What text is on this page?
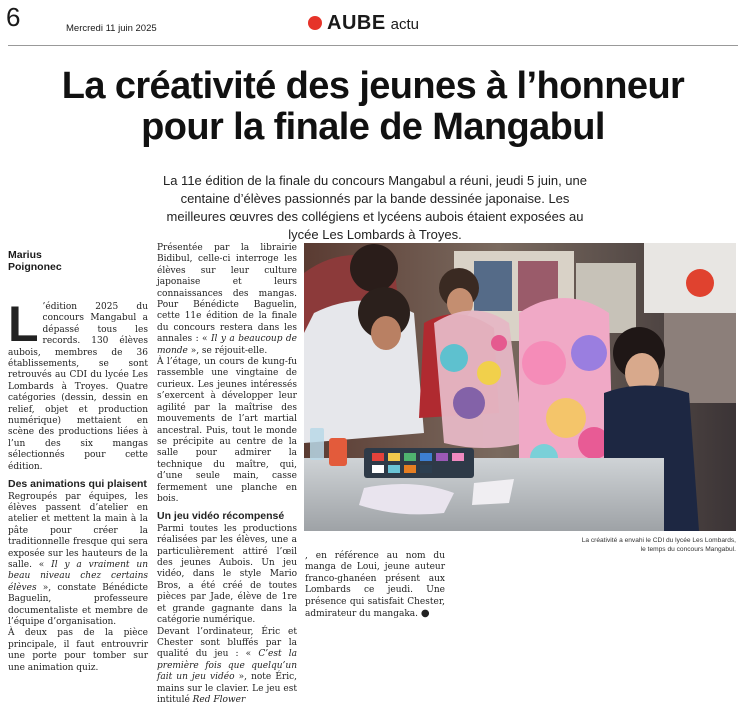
6	Mercredi 11 juin 2025	AUBE actu
La créativité des jeunes à l’honneur
pour la finale de Mangabul
La 11e édition de la finale du concours Mangabul a réuni, jeudi 5 juin, une centaine d’élèves passionnés par la bande dessinée japonaise. Les meilleures œuvres des collégiens et lycéens aubois étaient exposées au lycée Les Lombards à Troyes.
Marius
Poignonec

L ’édition 2025 du concours Mangabul a dépassé tous les records. 130 élèves aubois, membres de 36 établissements, se sont retrouvés au CDI du lycée Les Lombards à Troyes. Quatre catégories (dessin, dessin en relief, objet et production numérique) mettaient en scène des productions liées à l’un des six mangas sélectionnés pour cette édition.

Des animations qui plaisent

Regroupés par équipes, les élèves passent d’atelier en atelier et mettent la main à la pâte pour créer la traditionnelle fresque qui sera exposée sur les hauteurs de la salle. « Il y a vraiment un beau niveau chez certains élèves », constate Bénédicte Baguelin, professeure documentaliste et membre de l’équipe d’organisation.

À deux pas de la pièce principale, il faut entrouvrir une porte pour tomber sur une animation quiz.

Présentée par la librairie Bidibul, celle-ci interroge les élèves sur leur culture japonaise et leurs connaissances des mangas. Pour Bénédicte Baguelin, cette 11e édition de la finale du concours restera dans les annales : « Il y a beaucoup de monde », se réjouit-elle.

À l’étage, un cours de kung-fu rassemble une vingtaine de curieux. Les jeunes intéressés s’exercent à développer leur agilité par la maîtrise des mouvements de l’art martial ancestral. Puis, tout le monde se précipite au centre de la salle pour admirer la technique du maître, qui, d’une seule main, casse fermement une planche en bois.

Un jeu vidéo récompensé

Parmi toutes les productions réalisées par les élèves, une a particulièrement attiré l’œil des jeunes Aubois. Un jeu vidéo, dans le style Mario Bros, a été créé de toutes pièces par Jade, élève de 1re et grande gagnante dans la catégorie numérique.

Devant l’ordinateur, Éric et Chester sont bluffés par la qualité du jeu : « C’est la première fois que quelqu’un fait un jeu vidéo », note Éric, mains sur le clavier. Le jeu est intitulé Red Flower

, en référence au nom du manga de Loui, jeune auteur franco-ghanéen présent aux Lombards ce jeudi. Une présence qui satisfait Chester, admirateur du mangaka. ●

La créativité a envahi le CDI du lycée Les Lombards,
le temps du concours Mangabul.
